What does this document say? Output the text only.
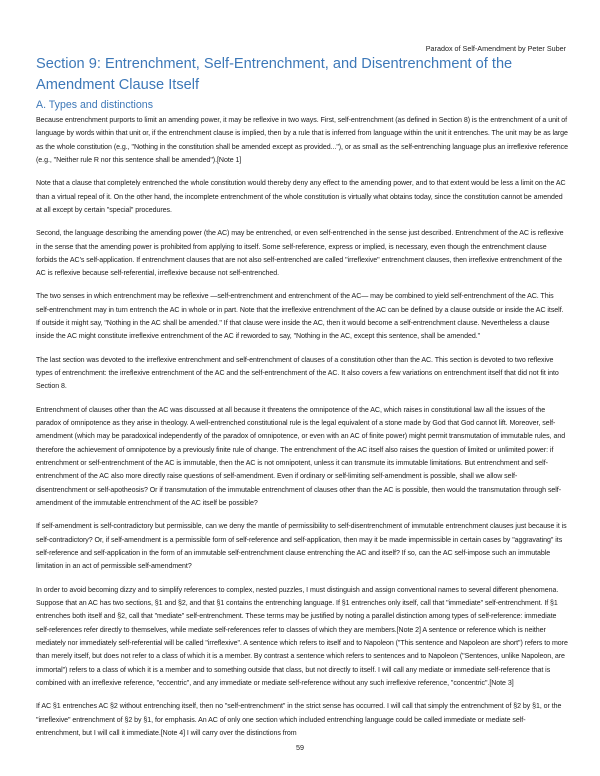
Paradox of Self-Amendment by Peter Suber
Section 9: Entrenchment, Self-Entrenchment, and Disentrenchment of the Amendment Clause Itself
A. Types and distinctions

Because entrenchment purports to limit an amending power, it may be reflexive in two ways. First, self-entrenchment (as defined in Section 8) is the entrenchment of a unit of language by words within that unit or, if the entrenchment clause is implied, then by a rule that is inferred from language within the unit it entrenches. The unit may be as large as the whole constitution (e.g., "Nothing in the constitution shall be amended except as provided..."), or as small as the self-entrenching language plus an irreflexive reference (e.g., "Neither rule R nor this sentence shall be amended").[Note 1]

Note that a clause that completely entrenched the whole constitution would thereby deny any effect to the amending power, and to that extent would be less a limit on the AC than a virtual repeal of it. On the other hand, the incomplete entrenchment of the whole constitution is virtually what obtains today, since the constitution cannot be amended at all except by certain "special" procedures.

Second, the language describing the amending power (the AC) may be entrenched, or even self-entrenched in the sense just described. Entrenchment of the AC is reflexive in the sense that the amending power is prohibited from applying to itself. Some self-reference, express or implied, is necessary, even though the entrenchment clause forbids the AC's self-application. If entrenchment clauses that are not also self-entrenched are called "irreflexive" entrenchment clauses, then irreflexive entrenchment of the AC is reflexive because self-referential, irreflexive because not self-entrenched.

The two senses in which entrenchment may be reflexive —self-entrenchment and entrenchment of the AC— may be combined to yield self-entrenchment of the AC. This self-entrenchment may in turn entrench the AC in whole or in part. Note that the irreflexive entrenchment of the AC can be defined by a clause outside or inside the AC itself. If outside it might say, "Nothing in the AC shall be amended." If that clause were inside the AC, then it would become a self-entrenchment clause. Nevertheless a clause inside the AC might constitute irreflexive entrenchment of the AC if reworded to say, "Nothing in the AC, except this sentence, shall be amended."

The last section was devoted to the irreflexive entrenchment and self-entrenchment of clauses of a constitution other than the AC. This section is devoted to two reflexive types of entrenchment: the irreflexive entrenchment of the AC and the self-entrenchment of the AC. It also covers a few variations on entrenchment itself that did not fit into Section 8.

Entrenchment of clauses other than the AC was discussed at all because it threatens the omnipotence of the AC, which raises in constitutional law all the issues of the paradox of omnipotence as they arise in theology. A well-entrenched constitutional rule is the legal equivalent of a stone made by God that God cannot lift. Moreover, self-amendment (which may be paradoxical independently of the paradox of omnipotence, or even with an AC of finite power) might permit transmutation of immutable rules, and therefore the achievement of omnipotence by a previously finite rule of change. The entrenchment of the AC itself also raises the question of limited or unlimited power: if entrenchment or self-entrenchment of the AC is immutable, then the AC is not omnipotent, unless it can transmute its immutable limitations. But entrenchment and self-entrenchment of the AC also more directly raise questions of self-amendment. Even if ordinary or self-limiting self-amendment is possible, shall we allow self-disentrenchment or self-apotheosis? Or if transmutation of the immutable entrenchment of clauses other than the AC is possible, then would the transmutation through self-amendment of the immutable entrenchment of the AC itself be possible?

If self-amendment is self-contradictory but permissible, can we deny the mantle of permissibility to self-disentrenchment of immutable entrenchment clauses just because it is self-contradictory? Or, if self-amendment is a permissible form of self-reference and self-application, then may it be made impermissible in certain cases by "aggravating" its self-reference and self-application in the form of an immutable self-entrenchment clause entrenching the AC and itself? If so, can the AC self-impose such an immutable limitation in an act of permissible self-amendment?

In order to avoid becoming dizzy and to simplify references to complex, nested puzzles, I must distinguish and assign conventional names to several different phenomena. Suppose that an AC has two sections, §1 and §2, and that §1 contains the entrenching language. If §1 entrenches only itself, call that "immediate" self-entrenchment. If §1 entrenches both itself and §2, call that "mediate" self-entrenchment. These terms may be justified by noting a parallel distinction among types of self-reference: immediate self-references refer directly to themselves, while mediate self-references refer to classes of which they are members.[Note 2] A sentence or reference which is neither mediately nor immediately self-referential will be called "irreflexive". A sentence which refers to itself and to Napoleon ("This sentence and Napoleon are short") refers to more than merely itself, but does not refer to a class of which it is a member. By contrast a sentence which refers to sentences and to Napoleon ("Sentences, unlike Napoleon, are immortal") refers to a class of which it is a member and to something outside that class, but not directly to itself. I will call any mediate or immediate self-reference that is combined with an irreflexive reference, "eccentric", and any immediate or mediate self-reference without any such irreflexive reference, "concentric".[Note 3]

If AC §1 entrenches AC §2 without entrenching itself, then no "self-entrenchment" in the strict sense has occurred. I will call that simply the entrenchment of §2 by §1, or the "irreflexive" entrenchment of §2 by §1, for emphasis. An AC of only one section which included entrenching language could be called immediate or mediate self-entrenchment, but I will call it immediate.[Note 4] I will carry over the distinctions from

59
